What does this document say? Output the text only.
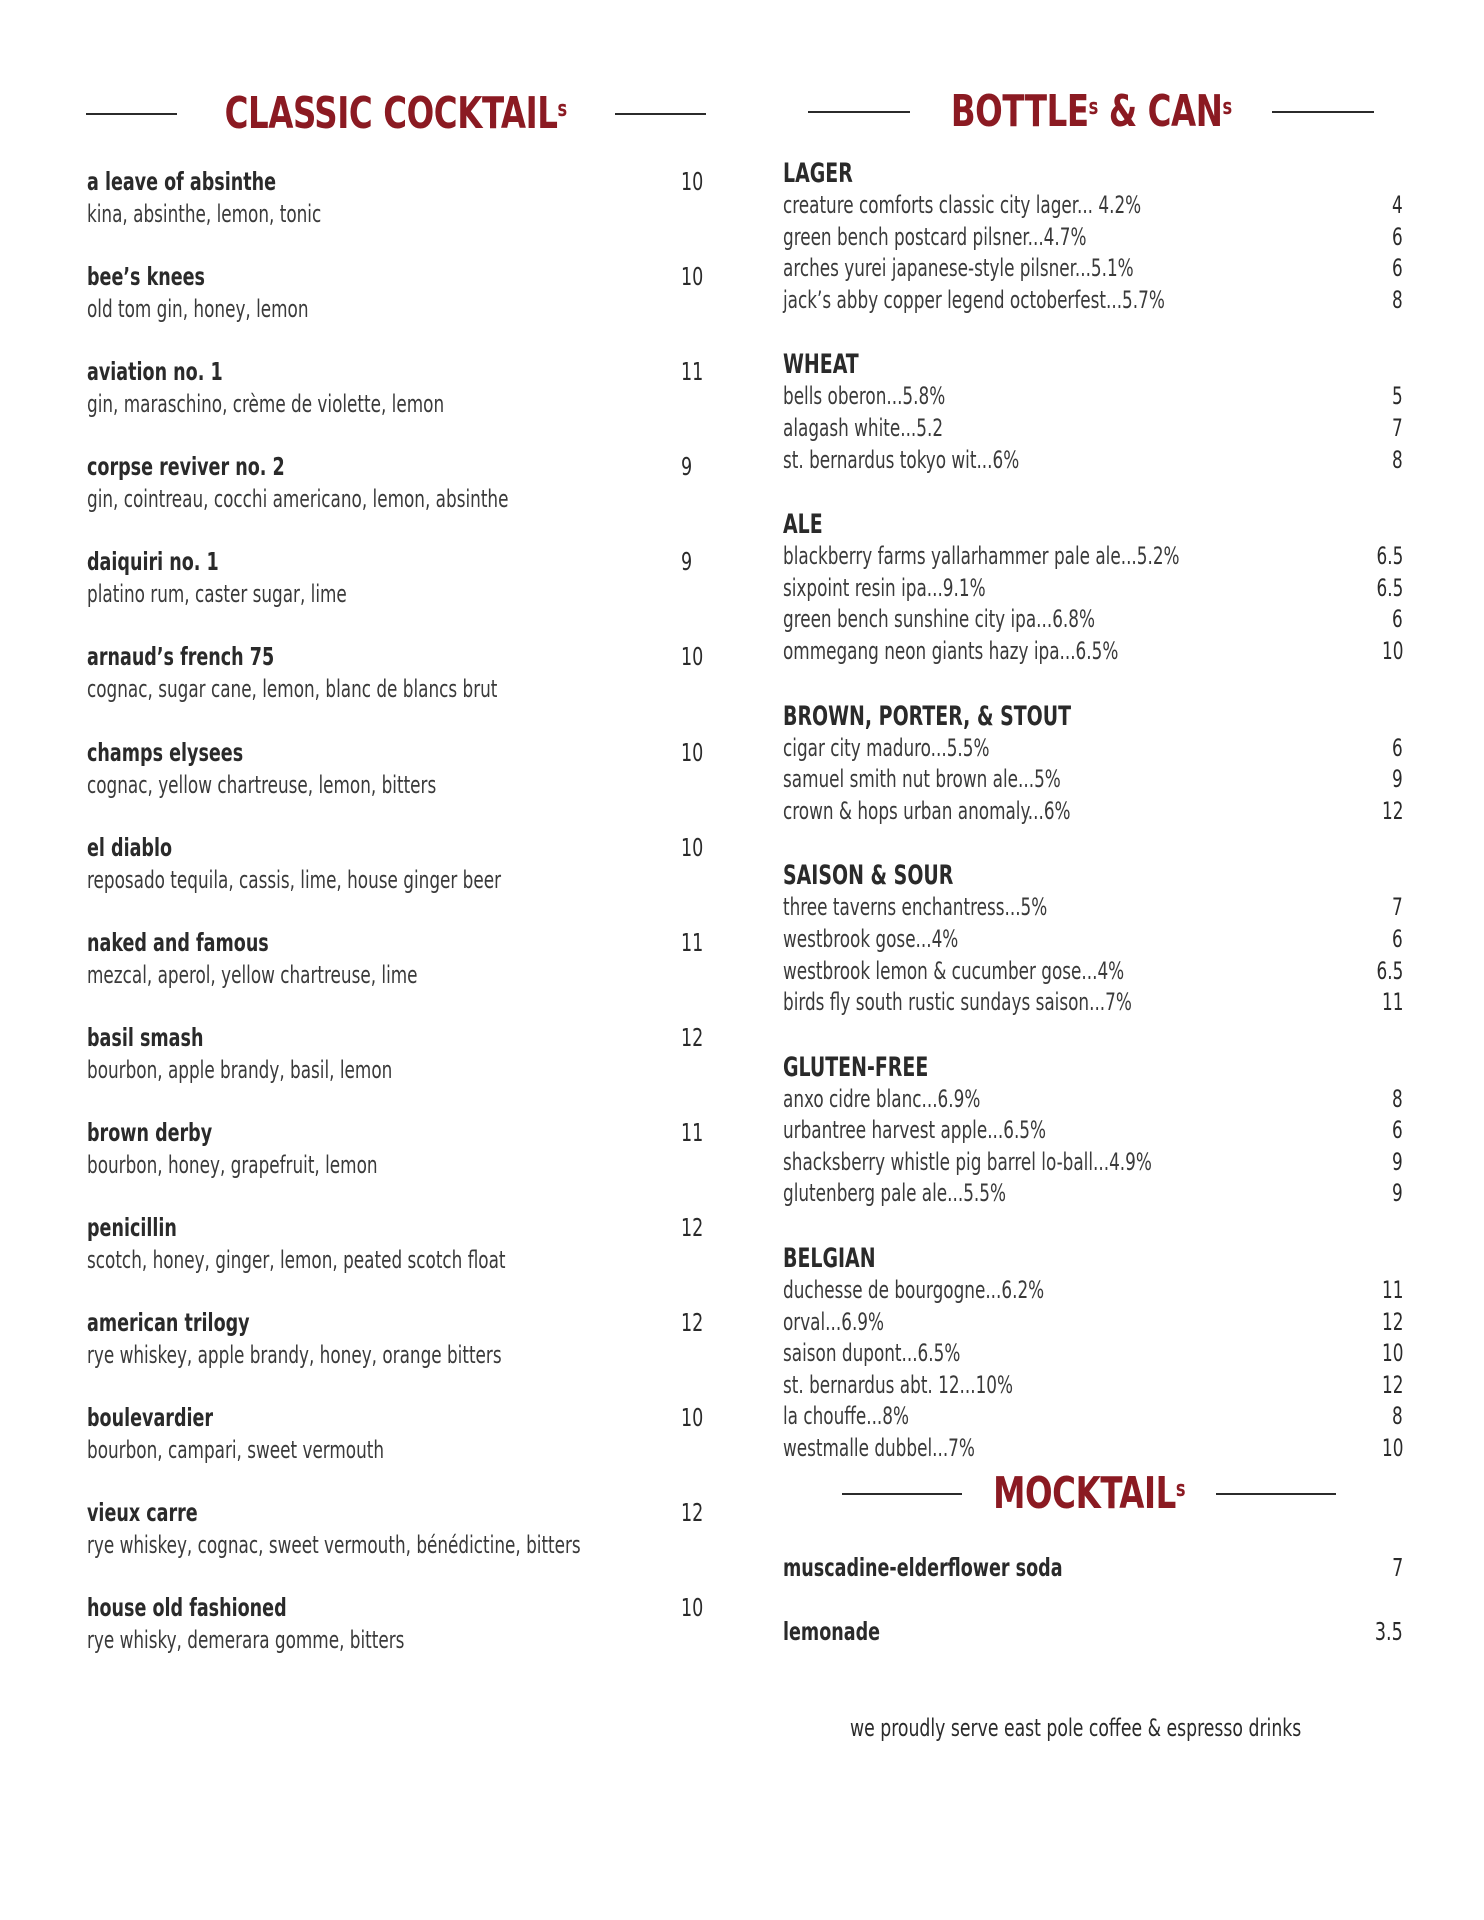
CLASSIC COCKTAIL$^s$	BOTTLE$^s$ & CAN$^s$
MOCKTAIL$^s$
a leave of absinthe	10
kina, absinthe, lemon, tonic
bee’s knees	10
old tom gin, honey, lemon
aviation no. 1	11
gin, maraschino, crème de violette, lemon
corpse reviver no. 2	9
gin, cointreau, cocchi americano, lemon, absinthe
daiquiri no. 1	9
platino rum, caster sugar, lime
arnaud’s french 75	10
cognac, sugar cane, lemon, blanc de blancs brut
champs elysees	10
cognac, yellow chartreuse, lemon, bitters
el diablo	10
reposado tequila, cassis, lime, house ginger beer
naked and famous	11
mezcal, aperol, yellow chartreuse, lime
basil smash	12
bourbon, apple brandy, basil, lemon
brown derby	11
bourbon, honey, grapefruit, lemon
penicillin	12
scotch, honey, ginger, lemon, peated scotch float
american trilogy	12
rye whiskey, apple brandy, honey, orange bitters
boulevardier	10
bourbon, campari, sweet vermouth
vieux carre	12
rye whiskey, cognac, sweet vermouth, bénédictine, bitters
house old fashioned	10
rye whisky, demerara gomme, bitters
LAGER
creature comforts classic city lager... 4.2%	4
green bench postcard pilsner...4.7%	6
arches yurei japanese-style pilsner...5.1%	6
jack’s abby copper legend octoberfest...5.7%	8
WHEAT
bells oberon...5.8%	5
alagash white...5.2	7
st. bernardus tokyo wit...6%	8
ALE
blackberry farms yallarhammer pale ale...5.2%	6.5
sixpoint resin ipa...9.1%	6.5
green bench sunshine city ipa...6.8%	6
ommegang neon giants hazy ipa...6.5%	10
BROWN, PORTER, & STOUT
cigar city maduro...5.5%	6
samuel smith nut brown ale...5%	9
crown & hops urban anomaly...6%	12
SAISON & SOUR
three taverns enchantress...5%	7
westbrook gose...4%	6
westbrook lemon & cucumber gose...4%	6.5
birds fly south rustic sundays saison...7%	11
GLUTEN-FREE
anxo cidre blanc...6.9%	8
urbantree harvest apple...6.5%	6
shacksberry whistle pig barrel lo-ball...4.9%	9
glutenberg pale ale...5.5%	9
BELGIAN
duchesse de bourgogne...6.2%	11
orval...6.9%	12
saison dupont...6.5%	10
st. bernardus abt. 12...10%	12
la chouffe...8%	8
westmalle dubbel...7%	10
muscadine-elderflower soda	7
lemonade	3.5
we proudly serve east pole coffee & espresso drinks
